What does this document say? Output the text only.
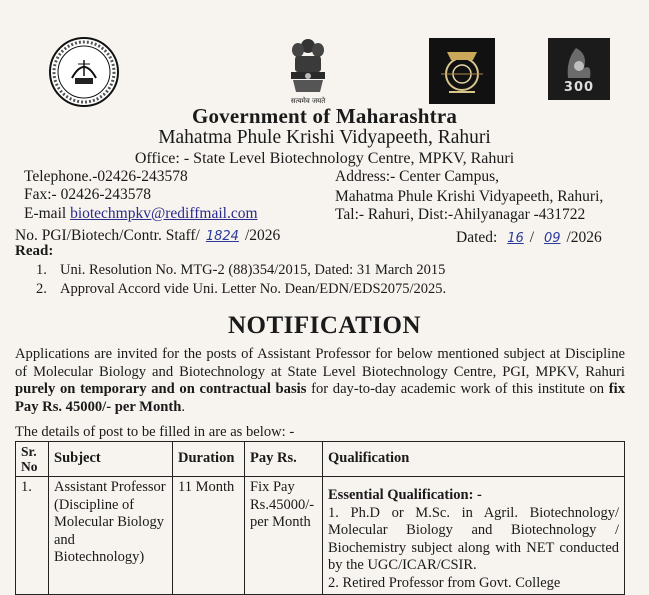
सत्यमेव जयते
300
Government of Maharashtra
Mahatma Phule Krishi Vidyapeeth, Rahuri
Office: - State Level Biotechnology Centre, MPKV, Rahuri
Telephone.-02426-243578
Fax:- 02426-243578
E-mail biotechmpkv@rediffmail.com
Address:- Center Campus,
Mahatma Phule Krishi Vidyapeeth, Rahuri,
Tal:- Rahuri, Dist:-Ahilyanagar -431722
No. PGI/Biotech/Contr. Staff/ 1824 /2026	Dated: 16 / 09 /2026
Read:
1. Uni. Resolution No. MTG-2 (88)354/2015, Dated: 31 March 2015
2. Approval Accord vide Uni. Letter No. Dean/EDN/EDS2075/2025.
NOTIFICATION
Applications are invited for the posts of Assistant Professor for below mentioned subject at Discipline of Molecular Biology and Biotechnology at State Level Biotechnology Centre, PGI, MPKV, Rahuri purely on temporary and on contractual basis for day-to-day academic work of this institute on fix Pay Rs. 45000/- per Month.
The details of post to be filled in are as below: -
Sr. No	Subject	Duration	Pay Rs.	Qualification
1.	Assistant Professor (Discipline of Molecular Biology and Biotechnology)	11 Month	Fix Pay Rs.45000/- per Month	Essential Qualification: -
1. Ph.D or M.Sc. in Agril. Biotechnology/ Molecular Biology and Biotechnology / Biochemistry subject along with NET conducted by the UGC/ICAR/CSIR.
2. Retired Professor from Govt. College
